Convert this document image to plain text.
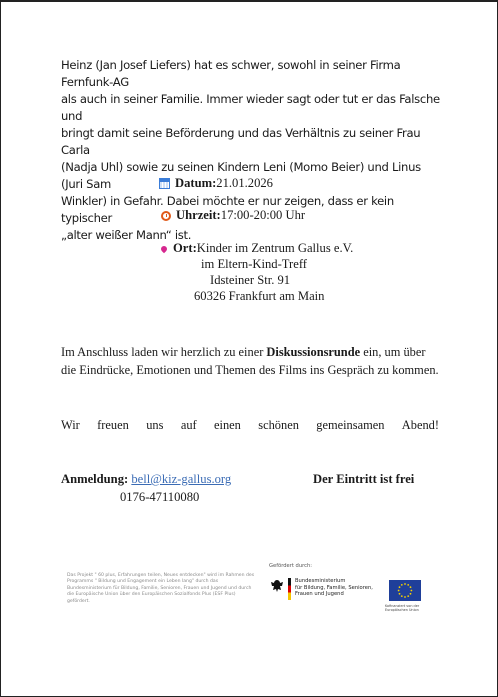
Heinz (Jan Josef Liefers) hat es schwer, sowohl in seiner Firma Fernfunk-AG

als auch in seiner Familie. Immer wieder sagt oder tut er das Falsche und

bringt damit seine Beförderung und das Verhältnis zu seiner Frau Carla

(Nadja Uhl) sowie zu seinen Kindern Leni (Momo Beier) und Linus (Juri Sam

Winkler) in Gefahr. Dabei möchte er nur zeigen, dass er kein typischer

„alter weißer Mann“ ist.

Datum: 21.01.2026
Uhrzeit: 17:00-20:00 Uhr
Ort: Kinder im Zentrum Gallus e.V.
im Eltern-Kind-Treff
Idsteiner Str. 91
60326 Frankfurt am Main

Im Anschluss laden wir herzlich zu einer Diskussionsrunde ein, um über

die Eindrücke, Emotionen und Themen des Films ins Gespräch zu kommen.

Wir freuen uns auf einen schönen gemeinsamen Abend!
Anmeldung: bell@kiz-gallus.org
0176-47110080
Der Eintritt ist frei
Das Projekt " 60 plus, Erfahrungen teilen, Neues entdecken" wird im Rahmen des Programms " Bildung und Engagement ein Leben lang" durch das Bundesministerium für Bildung, Familie, Senioren, Frauen und Jugend und durch die Europäische Union über den Europäischen Sozialfonds Plus (ESF Plus) gefördert.
Gefördert durch:
Bundesministerium
für Bildung, Familie, Senioren,
Frauen und Jugend
Kofinanziert von der Europäischen Union
